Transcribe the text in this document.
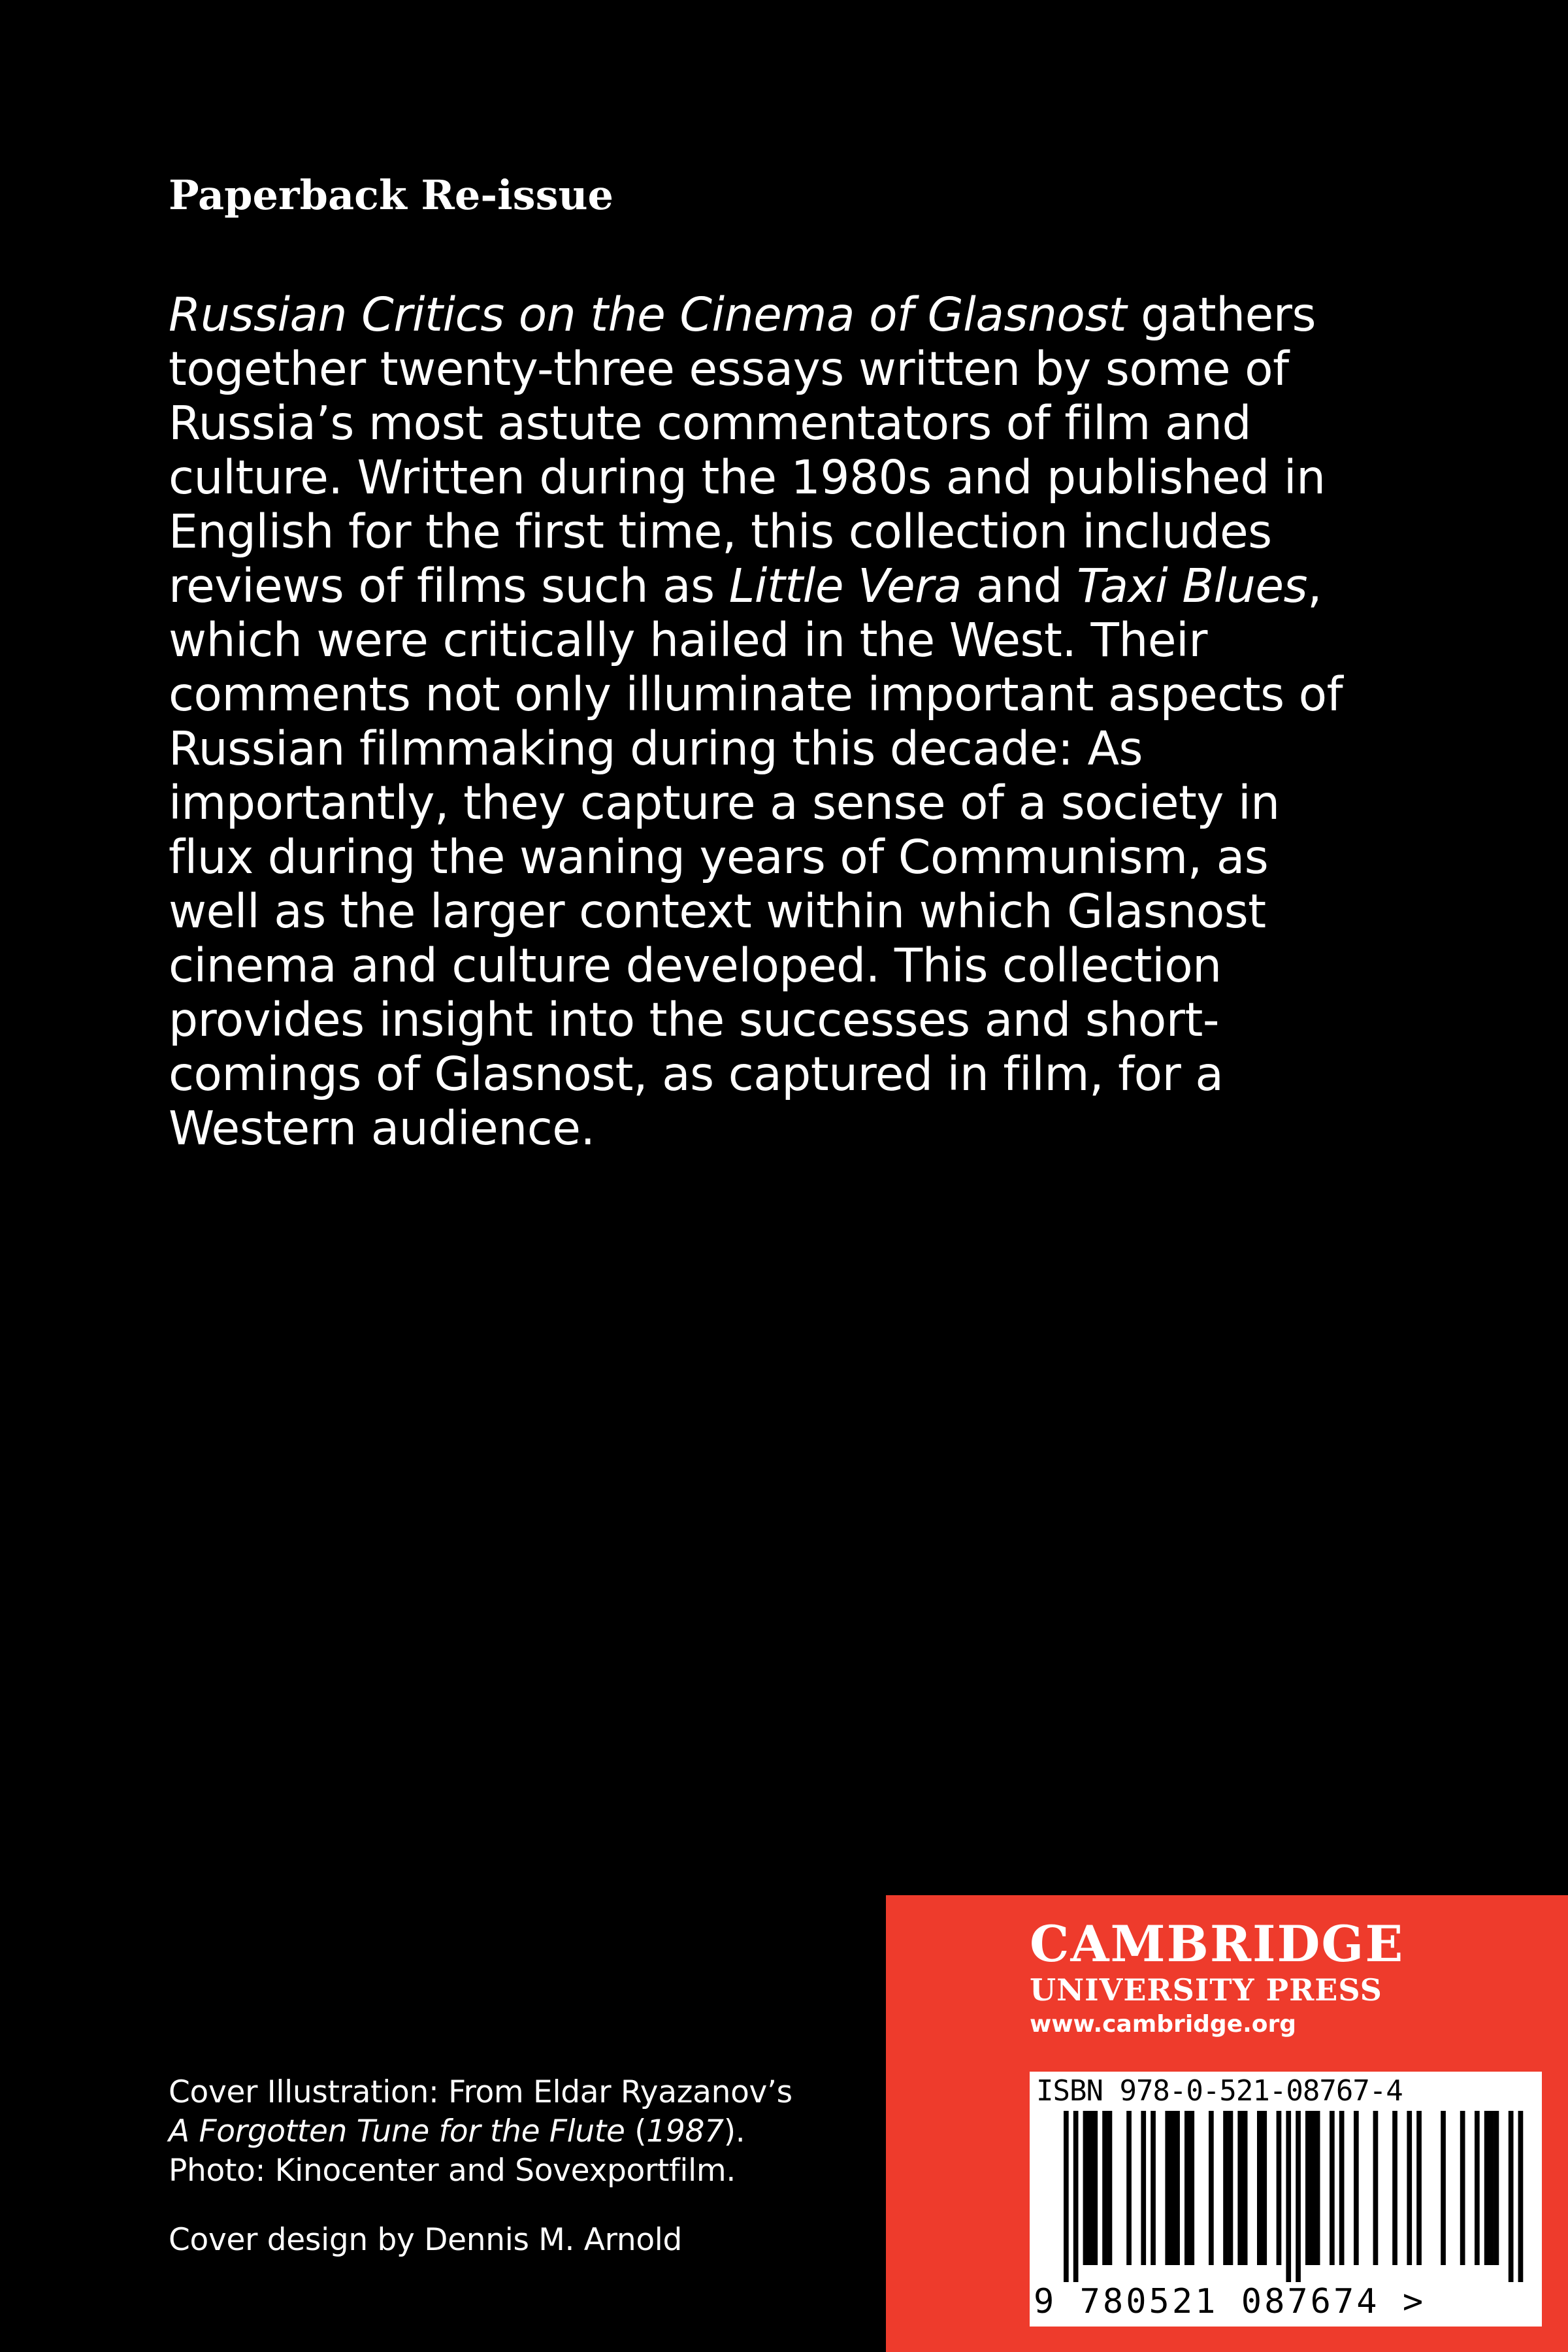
Paperback Re-issue
Russian Critics on the Cinema of Glasnost gathers
together twenty-three essays written by some of
Russia’s most astute commentators of film and
culture. Written during the 1980s and published in
English for the first time, this collection includes
reviews of films such as Little Vera and Taxi Blues,
which were critically hailed in the West. Their
comments not only illuminate important aspects of
Russian filmmaking during this decade: As
importantly, they capture a sense of a society in
flux during the waning years of Communism, as
well as the larger context within which Glasnost
cinema and culture developed. This collection
provides insight into the successes and short-
comings of Glasnost, as captured in film, for a
Western audience.
Cover Illustration: From Eldar Ryazanov’s
A Forgotten Tune for the Flute (1987).
Photo: Kinocenter and Sovexportfilm.
Cover design by Dennis M. Arnold
CAMBRIDGE
UNIVERSITY PRESS
www.cambridge.org
ISBN 978-0-521-08767-4
9 780521 087674 >
